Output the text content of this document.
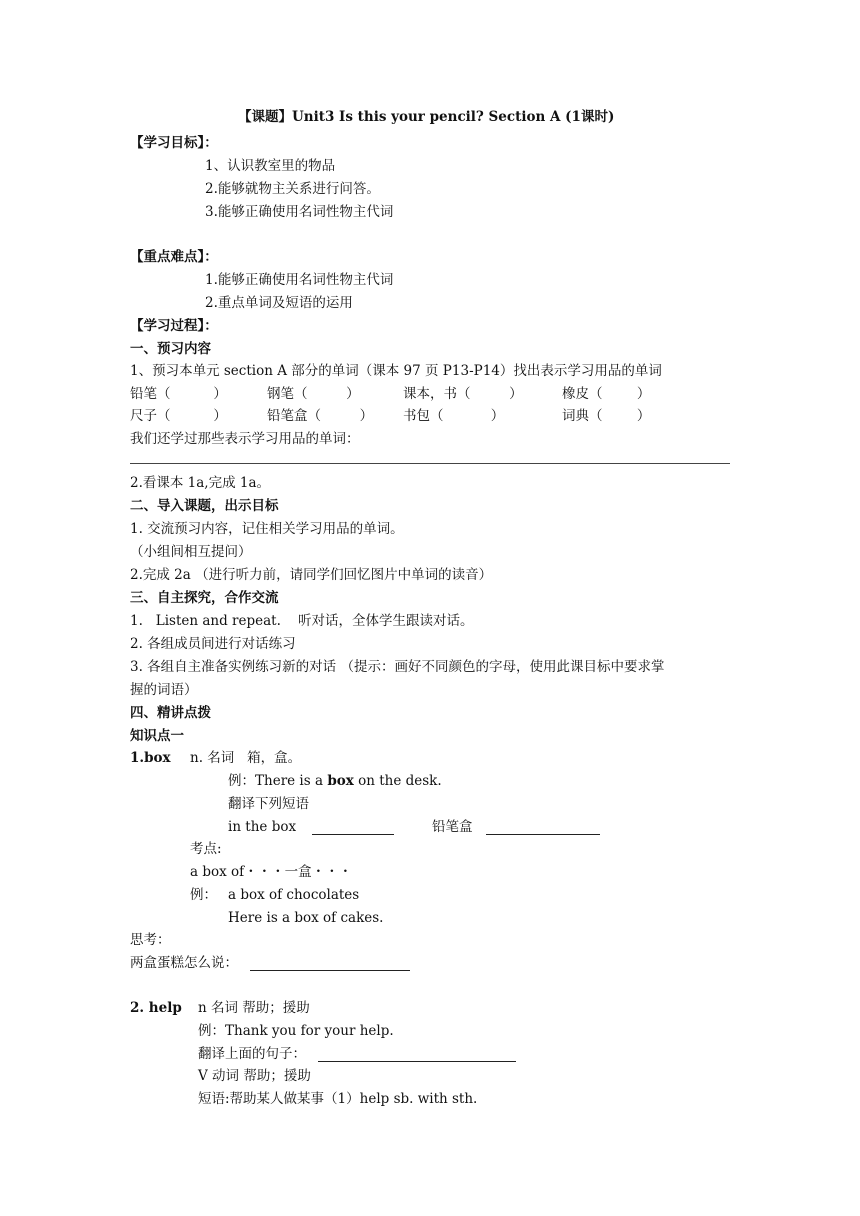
【课题】Unit3 Is this your pencil? Section A (1课时)
【学习目标】：
1、认识教室里的物品
2.能够就物主关系进行问答。
3.能够正确使用名词性物主代词
【重点难点】：
1.能够正确使用名词性物主代词
2.重点单词及短语的运用
【学习过程】：
一、预习内容
1、预习本单元 section A 部分的单词（课本 97 页 P13-P14）找出表示学习用品的单词
铅笔（          ）	钢笔（         ）	课本，书（         ）	橡皮（        ）
尺子（          ）	铅笔盒（         ） 书包（           ）	词典（        ）
我们还学过那些表示学习用品的单词：
2.看课本 1a,完成 1a。
二、导入课题，出示目标
1. 交流预习内容，记住相关学习用品的单词。
（小组间相互提问）
2.完成 2a （进行听力前，请同学们回忆图片中单词的读音）
三、自主探究，合作交流
1.   Listen and repeat.    听对话，全体学生跟读对话。
2. 各组成员间进行对话练习
3. 各组自主准备实例练习新的对话 （提示：画好不同颜色的字母，使用此课目标中要求掌
握的词语）
四、精讲点拨
知识点一
1.box n. 名词   箱，盒。
例：There is a box on the desk.
翻译下列短语
in the box	铅笔盒
考点:
a box of・・・一盒・・・
例： a box of chocolates
Here is a box of cakes.
思考：
两盒蛋糕怎么说：
2. help n 名词 帮助；援助
例：Thank you for your help.
翻译上面的句子：
V 动词 帮助；援助
短语:帮助某人做某事（1）help sb. with sth.
